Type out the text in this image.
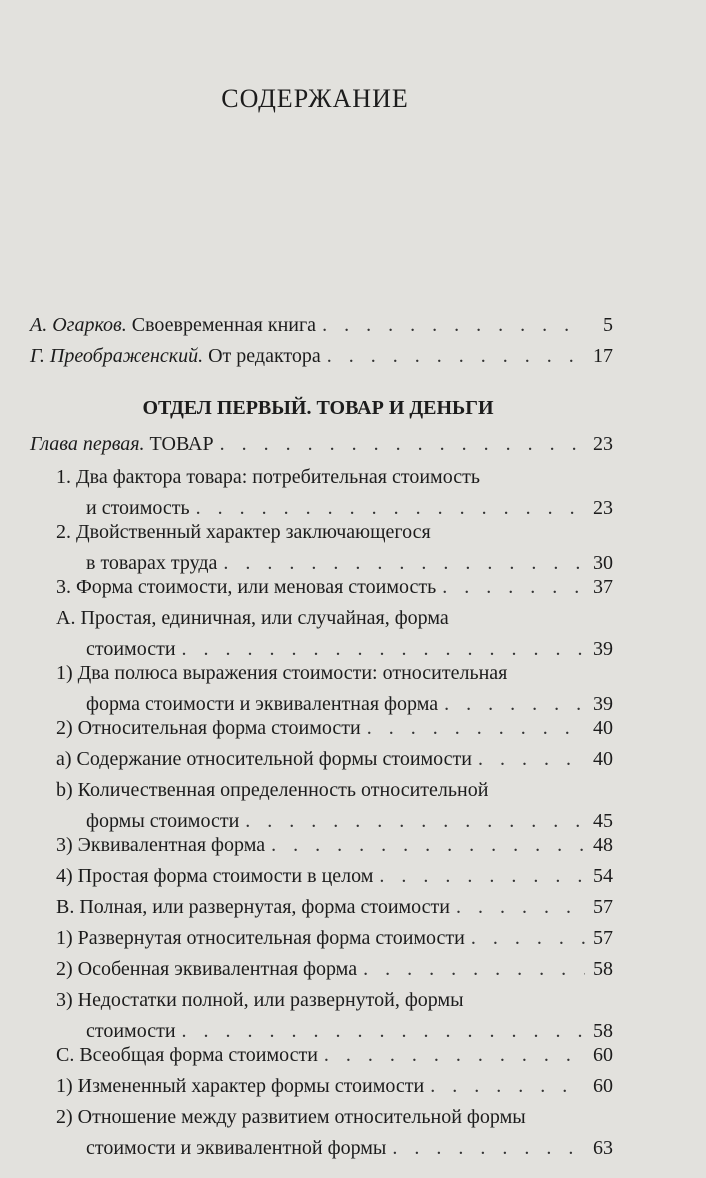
СОДЕРЖАНИЕ
А. Огарков. Своевременная книга . . .	5
Г. Преображенский. От редактора . . .	17
ОТДЕЛ ПЕРВЫЙ. ТОВАР И ДЕНЬГИ
Глава первая. ТОВАР . . .	23
1. Два фактора товара: потребительная стоимость
и стоимость . . .	23
2. Двойственный характер заключающегося
в товарах труда . . .	30
3. Форма стоимости, или меновая стоимость . . .	37
A. Простая, единичная, или случайная, форма
стоимости . . .	39
1) Два полюса выражения стоимости: относительная
форма стоимости и эквивалентная форма . . .	39
2) Относительная форма стоимости . . .	40
a) Содержание относительной формы стоимости . . .	40
b) Количественная определенность относительной
формы стоимости . . .	45
3) Эквивалентная форма . . .	48
4) Простая форма стоимости в целом . . .	54
B. Полная, или развернутая, форма стоимости . . .	57
1) Развернутая относительная форма стоимости . . .	57
2) Особенная эквивалентная форма . . .	58
3) Недостатки полной, или развернутой, формы
стоимости . . .	58
C. Всеобщая форма стоимости . . .	60
1) Измененный характер формы стоимости . . .	60
2) Отношение между развитием относительной формы
стоимости и эквивалентной формы . . .	63
